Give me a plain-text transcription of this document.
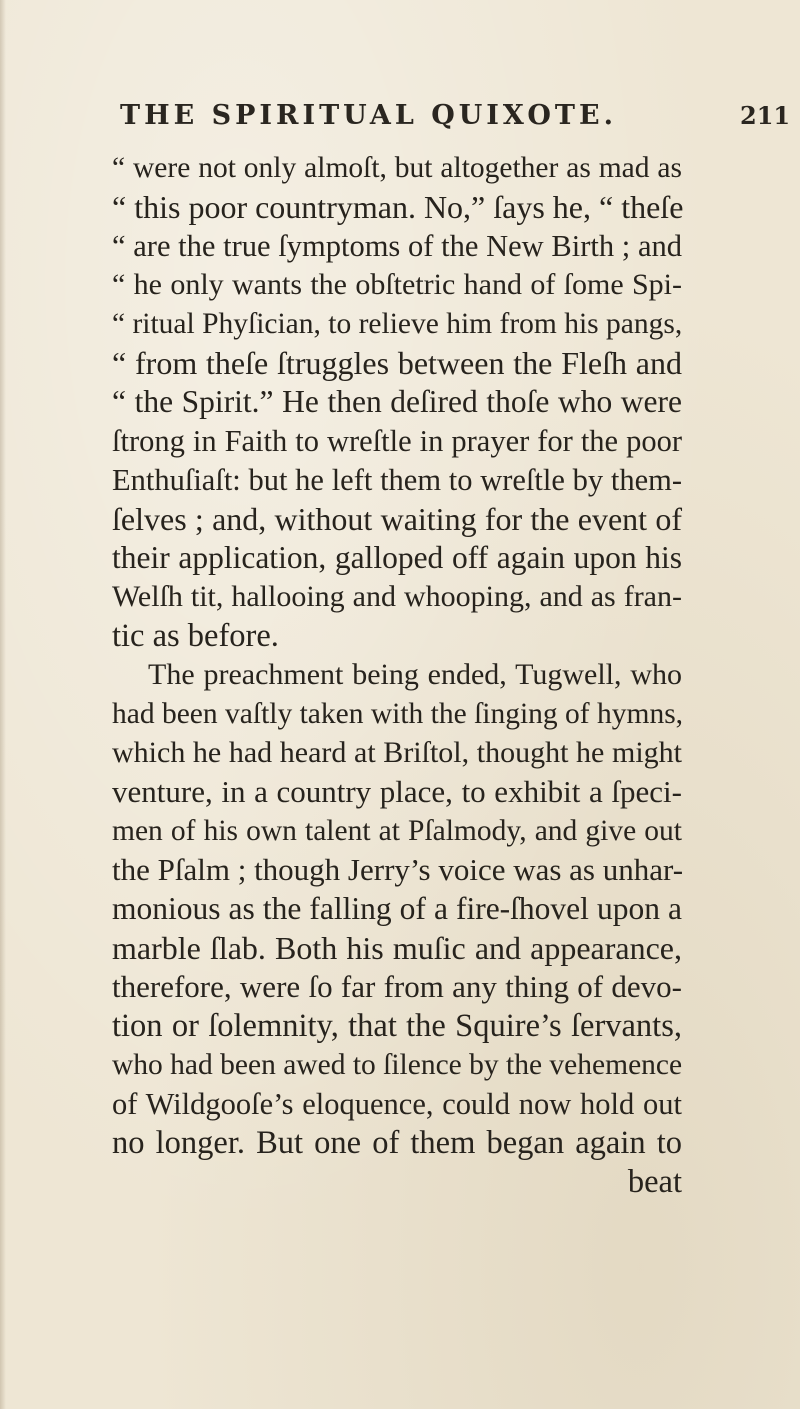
THE SPIRITUAL QUIXOTE.	211
“ were not only almoſt, but altogether as mad as
“ this poor countryman. No,” ſays he, “ theſe
“ are the true ſymptoms of the New Birth ; and
“ he only wants the obſtetric hand of ſome Spi-
“ ritual Phyſician, to relieve him from his pangs,
“ from theſe ſtruggles between the Fleſh and
“ the Spirit.” He then deſired thoſe who were
ſtrong in Faith to wreſtle in prayer for the poor
Enthuſiaſt: but he left them to wreſtle by them-
ſelves ; and, without waiting for the event of
their application, galloped off again upon his
Welſh tit, hallooing and whooping, and as fran-
tic as before.
The preachment being ended, Tugwell, who
had been vaſtly taken with the ſinging of hymns,
which he had heard at Briſtol, thought he might
venture, in a country place, to exhibit a ſpeci-
men of his own talent at Pſalmody, and give out
the Pſalm ; though Jerry’s voice was as unhar-
monious as the falling of a fire-ſhovel upon a
marble ſlab. Both his muſic and appearance,
therefore, were ſo far from any thing of devo-
tion or ſolemnity, that the Squire’s ſervants,
who had been awed to ſilence by the vehemence
of Wildgooſe’s eloquence, could now hold out
no longer. But one of them began again to
beat
